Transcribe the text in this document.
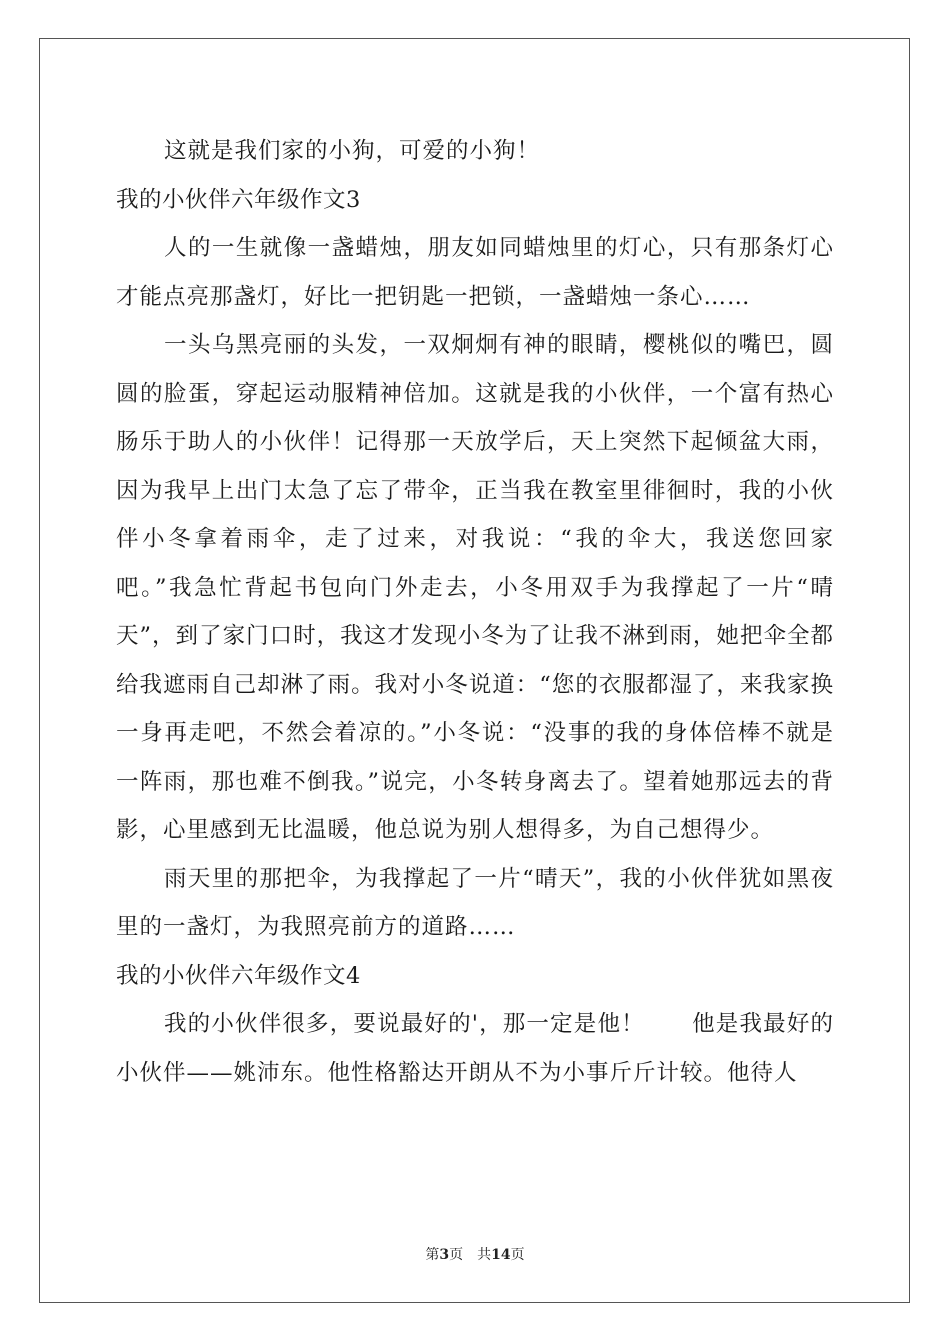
这就是我们家的小狗，可爱的小狗！

我的小伙伴六年级作文3

人的一生就像一盏蜡烛，朋友如同蜡烛里的灯心，只有那条灯心才能点亮那盏灯，好比一把钥匙一把锁，一盏蜡烛一条心……

一头乌黑亮丽的头发，一双炯炯有神的眼睛，樱桃似的嘴巴，圆圆的脸蛋，穿起运动服精神倍加。这就是我的小伙伴，一个富有热心肠乐于助人的小伙伴！记得那一天放学后，天上突然下起倾盆大雨，因为我早上出门太急了忘了带伞，正当我在教室里徘徊时，我的小伙伴小冬拿着雨伞，走了过来，对我说：“我的伞大，我送您回家吧。”我急忙背起书包向门外走去，小冬用双手为我撑起了一片“晴天”，到了家门口时，我这才发现小冬为了让我不淋到雨，她把伞全都给我遮雨自己却淋了雨。我对小冬说道：“您的衣服都湿了，来我家换一身再走吧，不然会着凉的。”小冬说：“没事的我的身体倍棒不就是一阵雨，那也难不倒我。”说完，小冬转身离去了。望着她那远去的背影，心里感到无比温暖，他总说为别人想得多，为自己想得少。

雨天里的那把伞，为我撑起了一片“晴天”，我的小伙伴犹如黑夜里的一盏灯，为我照亮前方的道路……

我的小伙伴六年级作文4

我的小伙伴很多，要说最好的'，那一定是他！　　他是我最好的小伙伴——姚沛东。他性格豁达开朗从不为小事斤斤计较。他待人

第3页　共14页
